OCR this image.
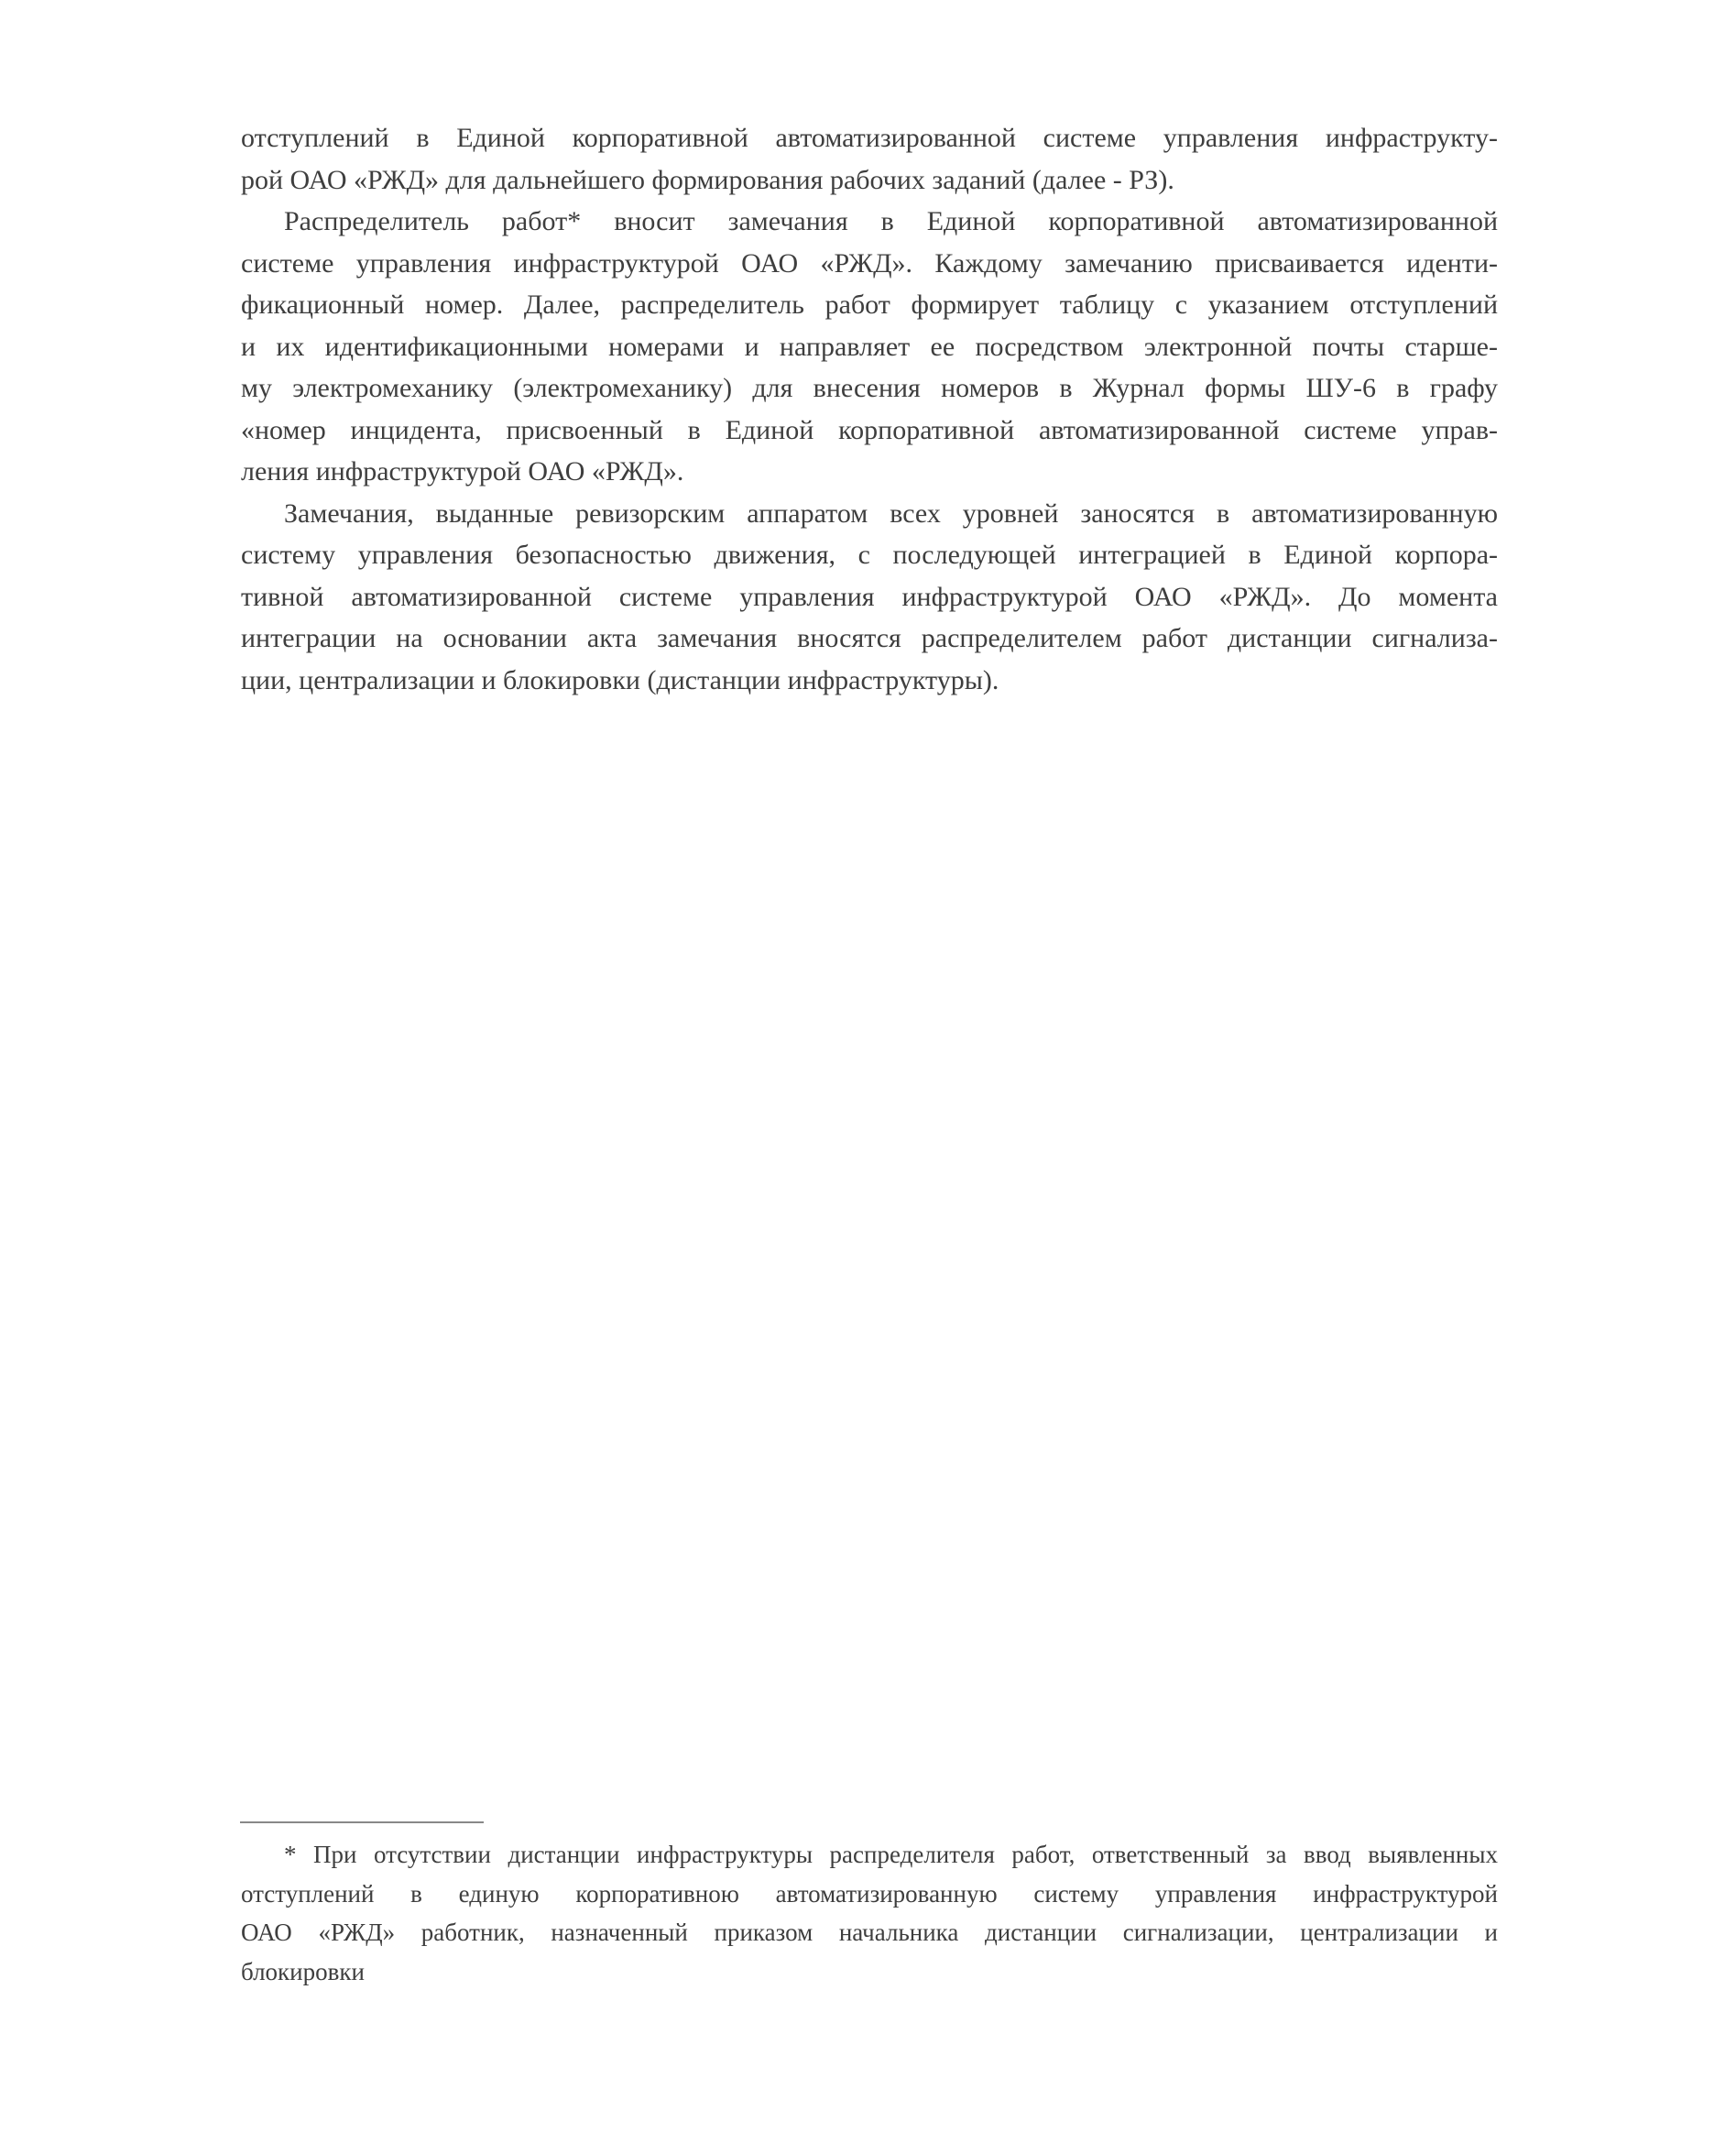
отступлений в Единой корпоративной автоматизированной системе управления инфраструкту-
рой ОАО «РЖД» для дальнейшего формирования рабочих заданий (далее - РЗ).
Распределитель работ* вносит замечания в Единой корпоративной автоматизированной
системе управления инфраструктурой ОАО «РЖД». Каждому замечанию присваивается иденти-
фикационный номер. Далее, распределитель работ формирует таблицу с указанием отступлений
и их идентификационными номерами и направляет ее посредством электронной почты старше-
му электромеханику (электромеханику) для внесения номеров в Журнал формы ШУ-6 в графу
«номер инцидента, присвоенный в Единой корпоративной автоматизированной системе управ-
ления инфраструктурой ОАО «РЖД».
Замечания, выданные ревизорским аппаратом всех уровней заносятся в автоматизированную
систему управления безопасностью движения, с последующей интеграцией в Единой корпора-
тивной автоматизированной системе управления инфраструктурой ОАО «РЖД». До момента
интеграции на основании акта замечания вносятся распределителем работ дистанции сигнализа-
ции, централизации и блокировки (дистанции инфраструктуры).
* При отсутствии дистанции инфраструктуры распределителя работ, ответственный за ввод выявленных
отступлений в единую корпоративною автоматизированную систему управления инфраструктурой
ОАО «РЖД» работник, назначенный приказом начальника дистанции сигнализации, централизации и
блокировки
